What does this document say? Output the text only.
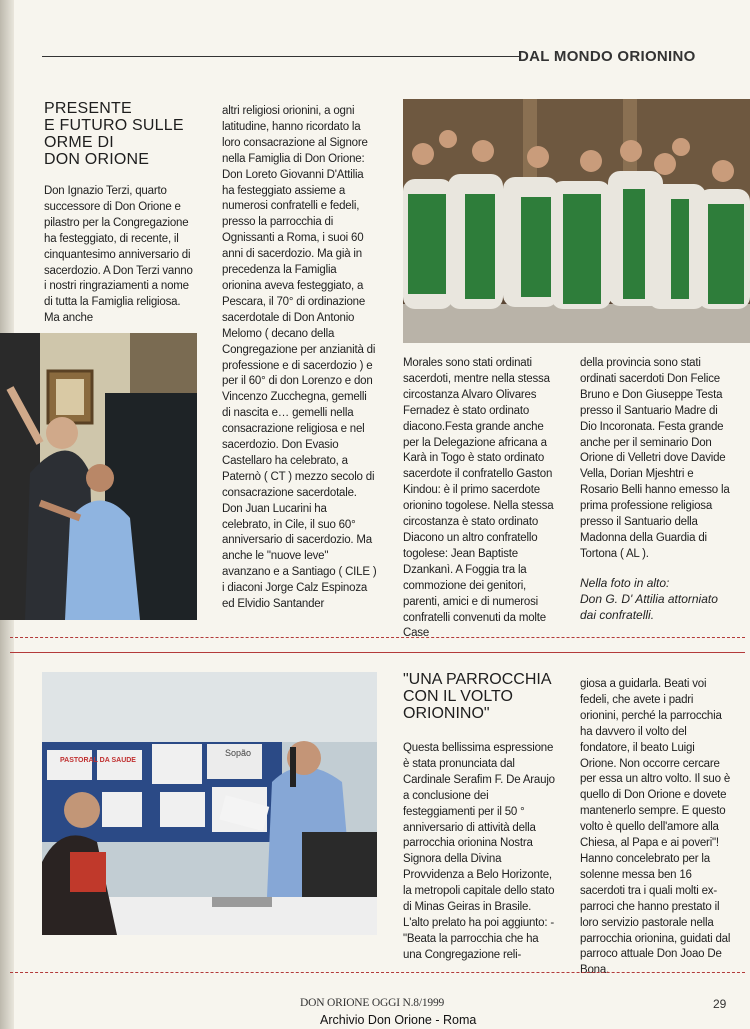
DAL MONDO ORIONINO
PRESENTE
E FUTURO SULLE
ORME DI
DON ORIONE

Don Ignazio Terzi, quarto successore di Don Orione e pilastro per la Congregazione ha festeggiato, di recente, il cinquantesimo anniversario di sacerdozio. A Don Terzi vanno i nostri ringraziamenti a nome di tutta la Famiglia religiosa. Ma anche

altri religiosi orionini, a ogni latitudine, hanno ricordato la loro consacrazione al Signore nella Famiglia di Don Orione: Don Loreto Giovanni D'Attilia ha festeggiato assieme a numerosi confratelli e fedeli, presso la parrocchia di Ognissanti a Roma, i suoi 60 anni di sacerdozio. Ma già in precedenza la Famiglia orionina aveva festeggiato, a Pescara, il 70° di ordinazione sacerdotale di Don Antonio Melomo ( decano della Congregazione per anzianità di professione e di sacerdozio ) e per il 60° di don Lorenzo e don Vincenzo Zucchegna, gemelli di nascita e… gemelli nella consacrazione religiosa e nel sacerdozio. Don Evasio Castellaro ha celebrato, a Paternò ( CT ) mezzo secolo di consacrazione sacerdotale. Don Juan Lucarini ha celebrato, in Cile, il suo 60° anniversario di sacerdozio. Ma anche le "nuove leve" avanzano e a Santiago ( CILE ) i diaconi Jorge Calz Espinoza ed Elvidio Santander

Morales sono stati ordinati sacerdoti, mentre nella stessa circostanza Alvaro Olivares Fernadez è stato ordinato diacono.Festa grande anche per la Delegazione africana a Karà in Togo è stato ordinato sacerdote il confratello Gaston Kindou: è il primo sacerdote orionino togolese. Nella stessa circostanza è stato ordinato Diacono un altro confratello togolese: Jean Baptiste Dzankanì. A Foggia tra la commozione dei genitori, parenti, amici e di numerosi confratelli convenuti da molte Case

della provincia sono stati ordinati sacerdoti Don Felice Bruno e Don Giuseppe Testa presso il Santuario Madre di Dio Incoronata. Festa grande anche per il seminario Don Orione di Velletri dove Davide Vella, Dorian Mjeshtri e Rosario Belli hanno emesso la prima professione religiosa presso il Santuario della Madonna della Guardia di Tortona ( AL ).

Nella foto in alto:
Don G. D' Attilia attorniato
dai confratelli.
PASTORAL DA SAUDE
Sopão
"UNA PARROCCHIA
CON IL VOLTO
ORIONINO"

Questa bellissima espressione è stata pronunciata dal Cardinale Serafim F. De Araujo a conclusione dei festeggiamenti per il 50 ° anniversario di attività della parrocchia orionina Nostra Signora della Divina Provvidenza a Belo Horizonte, la metropoli capitale dello stato di Minas Geiras in Brasile. L'alto prelato ha poi aggiunto: - "Beata la parrocchia che ha una Congregazione reli-

giosa a guidarla. Beati voi fedeli, che avete i padri orionini, perché la parrocchia ha davvero il volto del fondatore, il beato Luigi Orione. Non occorre cercare per essa un altro volto. Il suo è quello di Don Orione e dovete mantenerlo sempre. E questo volto è quello dell'amore alla Chiesa, al Papa e ai poveri"! Hanno concelebrato per la solenne messa ben 16 sacerdoti tra i quali molti ex- parroci che hanno prestato il loro servizio pastorale nella parrocchia orionina, guidati dal parroco attuale Don Joao De Bona.

DON ORIONE OGGI N.8/1999	29
Archivio Don Orione - Roma
